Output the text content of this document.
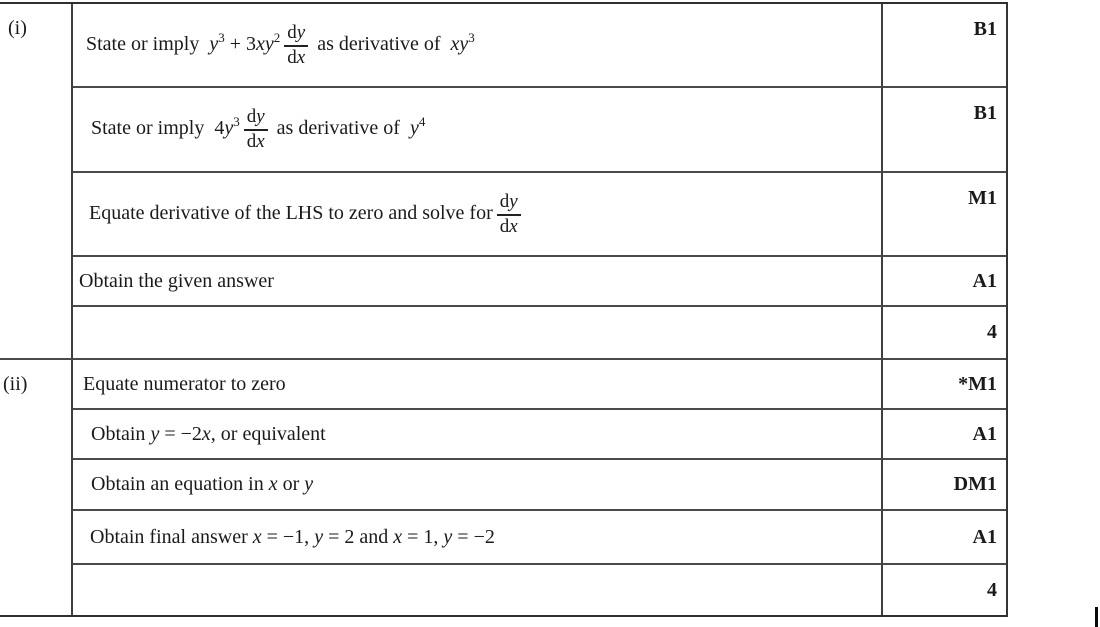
(i)
(ii)
State or imply  $y^3 + 3xy^2 \frac{dy}{dx}$ as derivative of  $xy^3$
State or imply  $4y^3 \frac{dy}{dx}$ as derivative of  $y^4$
Equate derivative of the LHS to zero and solve for $\frac{dy}{dx}$
Obtain the given answer
Equate numerator to zero
Obtain y = −2x, or equivalent
Obtain an equation in x or y
Obtain final answer x = −1, y = 2 and x = 1, y = −2
B1
B1
M1
A1
4
*M1
A1
DM1
A1
4
